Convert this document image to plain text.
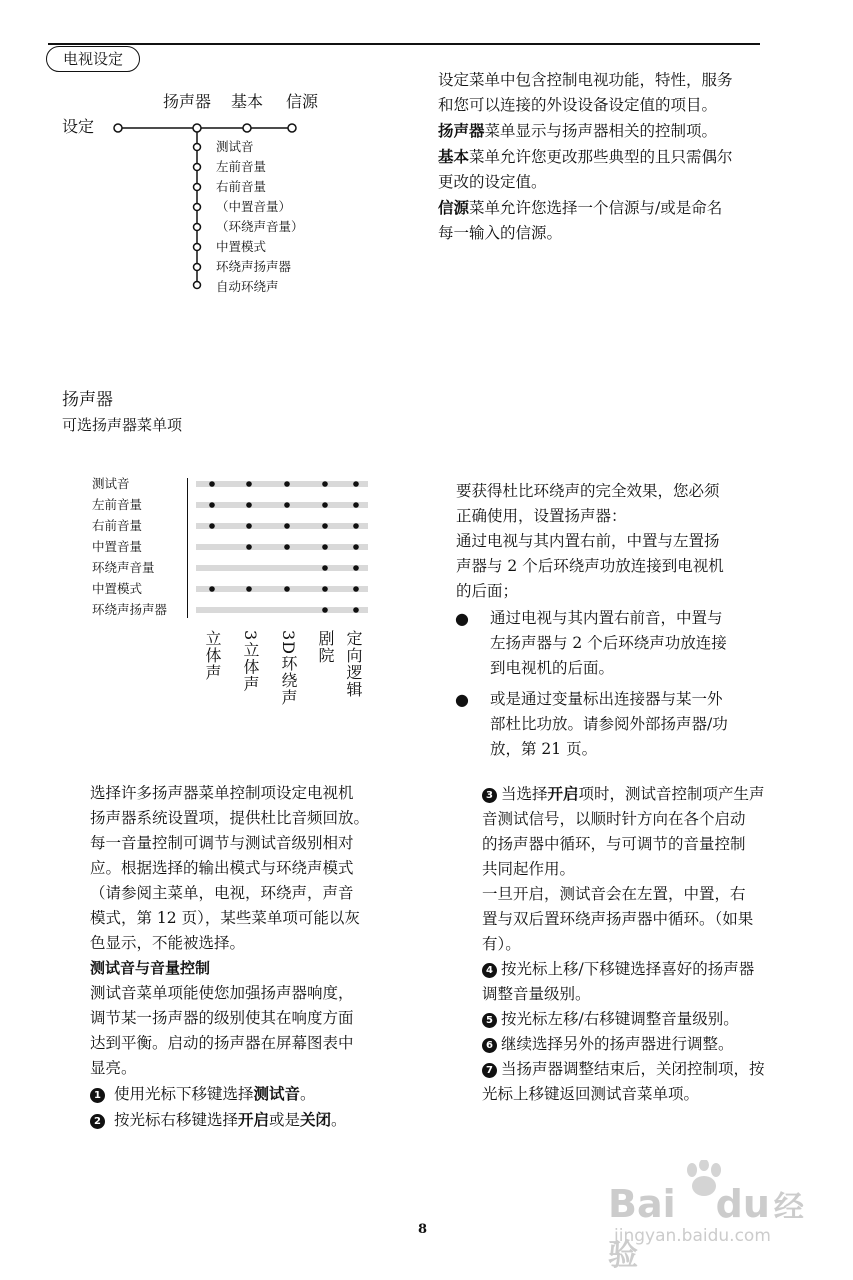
电视设定
设定
扬声器 基本 信源
测试音
左前音量
右前音量
（中置音量）
（环绕声音量）
中置模式
环绕声扬声器
自动环绕声
设定菜单中包含控制电视功能，特性，服务
和您可以连接的外设设备设定值的项目。
扬声器菜单显示与扬声器相关的控制项。
基本菜单允许您更改那些典型的且只需偶尔
更改的设定值。
信源菜单允许您选择一个信源与/或是命名
每一输入的信源。
扬声器
可选扬声器菜单项
测试音
左前音量
右前音量
中置音量
环绕声音量
中置模式
环绕声扬声器
立体声 3立体声 3D环绕声 剧院 定向逻辑
要获得杜比环绕声的完全效果，您必须
正确使用，设置扬声器：
通过电视与其内置右前，中置与左置扬
声器与 2 个后环绕声功放连接到电视机
的后面；
● 通过电视与其内置右前音，中置与
左扬声器与 2 个后环绕声功放连接
到电视机的后面。
● 或是通过变量标出连接器与某一外
部杜比功放。请参阅外部扬声器/功
放，第 21 页。
选择许多扬声器菜单控制项设定电视机
扬声器系统设置项，提供杜比音频回放。
每一音量控制可调节与测试音级别相对
应。根据选择的输出模式与环绕声模式
（请参阅主菜单，电视，环绕声，声音
模式，第 12 页），某些菜单项可能以灰
色显示，不能被选择。
测试音与音量控制
测试音菜单项能使您加强扬声器响度，
调节某一扬声器的级别使其在响度方面
达到平衡。启动的扬声器在屏幕图表中
显亮。
1 使用光标下移键选择测试音。
2 按光标右移键选择开启或是关闭。
3 当选择开启项时，测试音控制项产生声
音测试信号，以顺时针方向在各个启动
的扬声器中循环，与可调节的音量控制
共同起作用。
一旦开启，测试音会在左置，中置，右
置与双后置环绕声扬声器中循环。（如果
有）。
4 按光标上移/下移键选择喜好的扬声器
调整音量级别。
5 按光标左移/右移键调整音量级别。
6 继续选择另外的扬声器进行调整。
7 当扬声器调整结束后，关闭控制项，按
光标上移键返回测试音菜单项。
Bai du 经验
jingyan.baidu.com
8
